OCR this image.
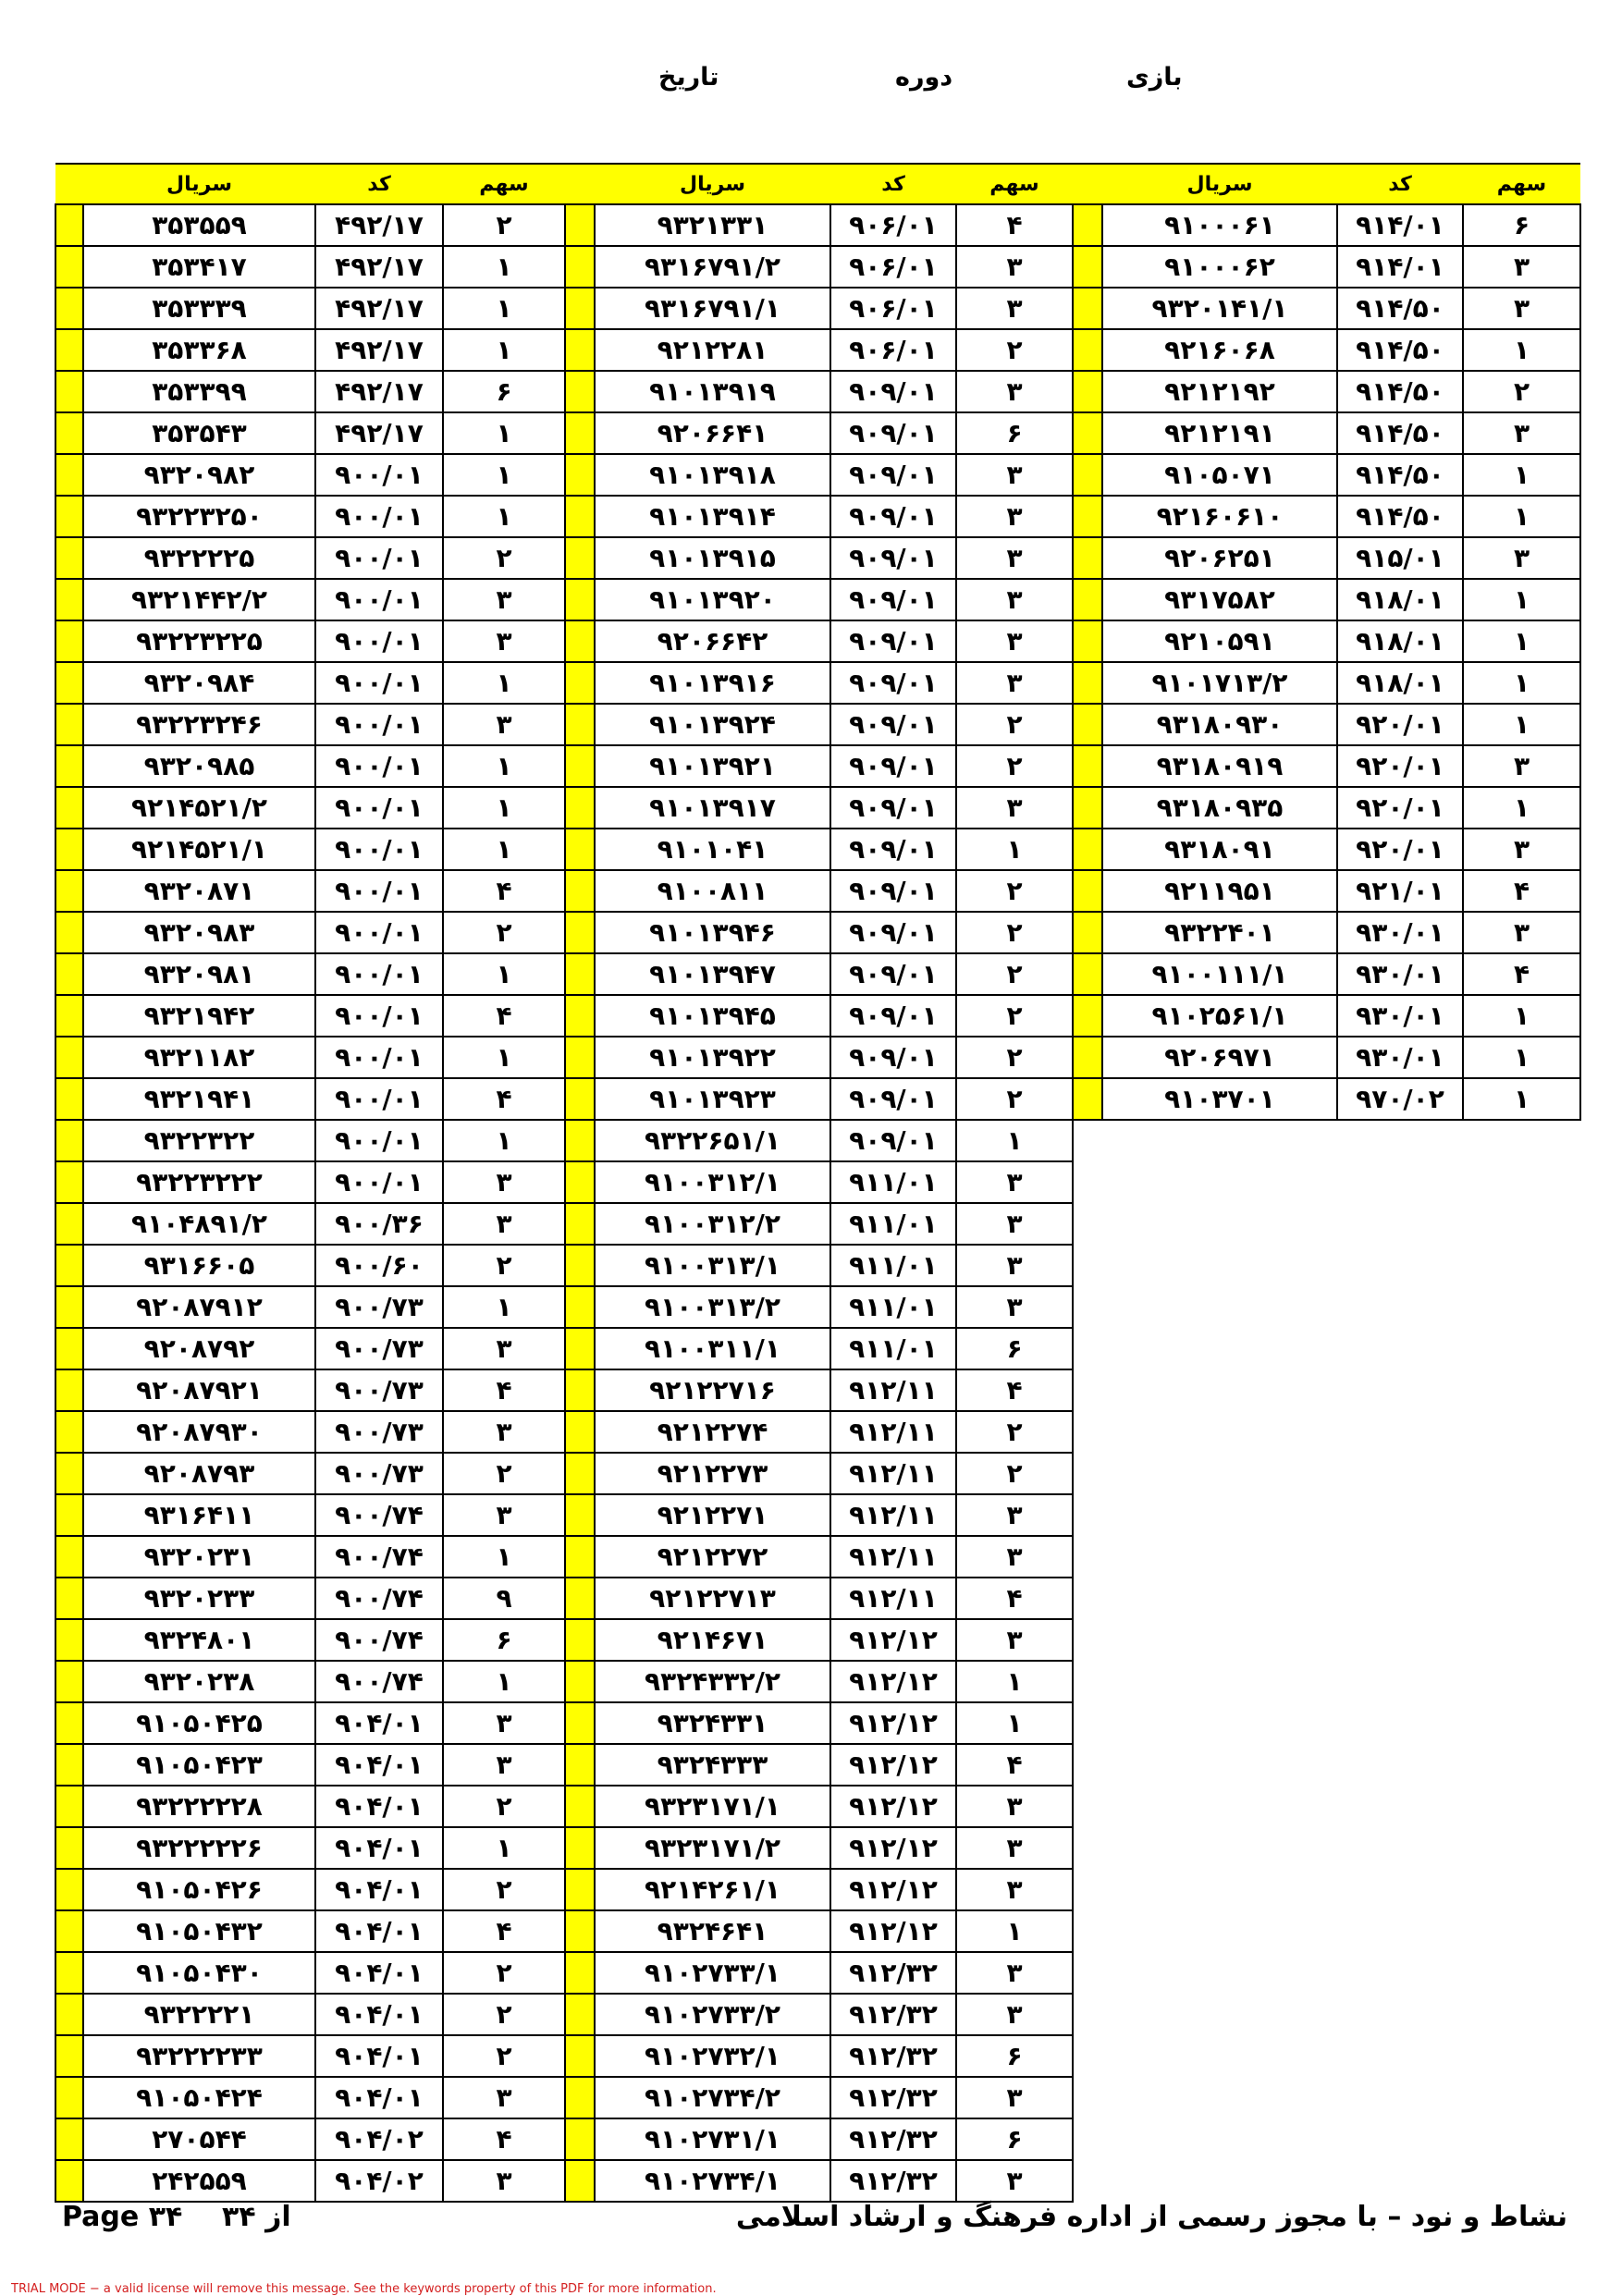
بازی
دوره
تاریخ
سهم	کد	سریال	
۶	۹۱۴/۰۱	۹۱۰۰۰۶۱	
۳	۹۱۴/۰۱	۹۱۰۰۰۶۲	
۳	۹۱۴/۵۰	۹۳۲۰۱۴۱/۱	
۱	۹۱۴/۵۰	۹۲۱۶۰۶۸	
۲	۹۱۴/۵۰	۹۲۱۲۱۹۲	
۳	۹۱۴/۵۰	۹۲۱۲۱۹۱	
۱	۹۱۴/۵۰	۹۱۰۵۰۷۱	
۱	۹۱۴/۵۰	۹۲۱۶۰۶۱۰	
۳	۹۱۵/۰۱	۹۲۰۶۲۵۱	
۱	۹۱۸/۰۱	۹۳۱۷۵۸۲	
۱	۹۱۸/۰۱	۹۲۱۰۵۹۱	
۱	۹۱۸/۰۱	۹۱۰۱۷۱۳/۲	
۱	۹۲۰/۰۱	۹۳۱۸۰۹۳۰	
۳	۹۲۰/۰۱	۹۳۱۸۰۹۱۹	
۱	۹۲۰/۰۱	۹۳۱۸۰۹۳۵	
۳	۹۲۰/۰۱	۹۳۱۸۰۹۱	
۴	۹۲۱/۰۱	۹۲۱۱۹۵۱	
۳	۹۳۰/۰۱	۹۳۲۲۴۰۱	
۴	۹۳۰/۰۱	۹۱۰۰۱۱۱/۱	
۱	۹۳۰/۰۱	۹۱۰۲۵۶۱/۱	
۱	۹۳۰/۰۱	۹۲۰۶۹۷۱	
۱	۹۷۰/۰۲	۹۱۰۳۷۰۱	
سهم	کد	سریال	
۴	۹۰۶/۰۱	۹۳۲۱۳۳۱	
۳	۹۰۶/۰۱	۹۳۱۶۷۹۱/۲	
۳	۹۰۶/۰۱	۹۳۱۶۷۹۱/۱	
۲	۹۰۶/۰۱	۹۲۱۲۲۸۱	
۳	۹۰۹/۰۱	۹۱۰۱۳۹۱۹	
۶	۹۰۹/۰۱	۹۲۰۶۶۴۱	
۳	۹۰۹/۰۱	۹۱۰۱۳۹۱۸	
۳	۹۰۹/۰۱	۹۱۰۱۳۹۱۴	
۳	۹۰۹/۰۱	۹۱۰۱۳۹۱۵	
۳	۹۰۹/۰۱	۹۱۰۱۳۹۲۰	
۳	۹۰۹/۰۱	۹۲۰۶۶۴۲	
۳	۹۰۹/۰۱	۹۱۰۱۳۹۱۶	
۲	۹۰۹/۰۱	۹۱۰۱۳۹۲۴	
۲	۹۰۹/۰۱	۹۱۰۱۳۹۲۱	
۳	۹۰۹/۰۱	۹۱۰۱۳۹۱۷	
۱	۹۰۹/۰۱	۹۱۰۱۰۴۱	
۲	۹۰۹/۰۱	۹۱۰۰۸۱۱	
۲	۹۰۹/۰۱	۹۱۰۱۳۹۴۶	
۲	۹۰۹/۰۱	۹۱۰۱۳۹۴۷	
۲	۹۰۹/۰۱	۹۱۰۱۳۹۴۵	
۲	۹۰۹/۰۱	۹۱۰۱۳۹۲۲	
۲	۹۰۹/۰۱	۹۱۰۱۳۹۲۳	
۱	۹۰۹/۰۱	۹۳۲۲۶۵۱/۱	
۳	۹۱۱/۰۱	۹۱۰۰۳۱۲/۱	
۳	۹۱۱/۰۱	۹۱۰۰۳۱۲/۲	
۳	۹۱۱/۰۱	۹۱۰۰۳۱۳/۱	
۳	۹۱۱/۰۱	۹۱۰۰۳۱۳/۲	
۶	۹۱۱/۰۱	۹۱۰۰۳۱۱/۱	
۴	۹۱۲/۱۱	۹۲۱۲۲۷۱۶	
۲	۹۱۲/۱۱	۹۲۱۲۲۷۴	
۲	۹۱۲/۱۱	۹۲۱۲۲۷۳	
۳	۹۱۲/۱۱	۹۲۱۲۲۷۱	
۳	۹۱۲/۱۱	۹۲۱۲۲۷۲	
۴	۹۱۲/۱۱	۹۲۱۲۲۷۱۳	
۳	۹۱۲/۱۲	۹۲۱۴۶۷۱	
۱	۹۱۲/۱۲	۹۳۲۴۳۳۲/۲	
۱	۹۱۲/۱۲	۹۳۲۴۳۳۱	
۴	۹۱۲/۱۲	۹۳۲۴۳۳۳	
۳	۹۱۲/۱۲	۹۳۲۳۱۷۱/۱	
۳	۹۱۲/۱۲	۹۳۲۳۱۷۱/۲	
۳	۹۱۲/۱۲	۹۲۱۴۲۶۱/۱	
۱	۹۱۲/۱۲	۹۳۲۴۶۴۱	
۳	۹۱۲/۳۲	۹۱۰۲۷۳۳/۱	
۳	۹۱۲/۳۲	۹۱۰۲۷۳۳/۲	
۶	۹۱۲/۳۲	۹۱۰۲۷۳۲/۱	
۳	۹۱۲/۳۲	۹۱۰۲۷۳۴/۲	
۶	۹۱۲/۳۲	۹۱۰۲۷۳۱/۱	
۳	۹۱۲/۳۲	۹۱۰۲۷۳۴/۱	
سهم	کد	سریال	
۲	۴۹۲/۱۷	۳۵۳۵۵۹	
۱	۴۹۲/۱۷	۳۵۳۴۱۷	
۱	۴۹۲/۱۷	۳۵۳۳۳۹	
۱	۴۹۲/۱۷	۳۵۳۳۶۸	
۶	۴۹۲/۱۷	۳۵۳۳۹۹	
۱	۴۹۲/۱۷	۳۵۳۵۴۳	
۱	۹۰۰/۰۱	۹۳۲۰۹۸۲	
۱	۹۰۰/۰۱	۹۳۲۲۳۲۵۰	
۲	۹۰۰/۰۱	۹۳۲۲۲۲۵	
۳	۹۰۰/۰۱	۹۳۲۱۴۴۲/۲	
۳	۹۰۰/۰۱	۹۳۲۲۳۲۲۵	
۱	۹۰۰/۰۱	۹۳۲۰۹۸۴	
۳	۹۰۰/۰۱	۹۳۲۲۳۲۴۶	
۱	۹۰۰/۰۱	۹۳۲۰۹۸۵	
۱	۹۰۰/۰۱	۹۲۱۴۵۲۱/۲	
۱	۹۰۰/۰۱	۹۲۱۴۵۲۱/۱	
۴	۹۰۰/۰۱	۹۳۲۰۸۷۱	
۲	۹۰۰/۰۱	۹۳۲۰۹۸۳	
۱	۹۰۰/۰۱	۹۳۲۰۹۸۱	
۴	۹۰۰/۰۱	۹۳۲۱۹۴۲	
۱	۹۰۰/۰۱	۹۳۲۱۱۸۲	
۴	۹۰۰/۰۱	۹۳۲۱۹۴۱	
۱	۹۰۰/۰۱	۹۳۲۲۳۲۲	
۳	۹۰۰/۰۱	۹۳۲۲۳۲۲۲	
۳	۹۰۰/۳۶	۹۱۰۴۸۹۱/۲	
۲	۹۰۰/۶۰	۹۳۱۶۶۰۵	
۱	۹۰۰/۷۳	۹۲۰۸۷۹۱۲	
۳	۹۰۰/۷۳	۹۲۰۸۷۹۲	
۴	۹۰۰/۷۳	۹۲۰۸۷۹۲۱	
۳	۹۰۰/۷۳	۹۲۰۸۷۹۳۰	
۲	۹۰۰/۷۳	۹۲۰۸۷۹۳	
۳	۹۰۰/۷۴	۹۳۱۶۴۱۱	
۱	۹۰۰/۷۴	۹۳۲۰۲۳۱	
۹	۹۰۰/۷۴	۹۳۲۰۲۳۳	
۶	۹۰۰/۷۴	۹۳۲۴۸۰۱	
۱	۹۰۰/۷۴	۹۳۲۰۲۳۸	
۳	۹۰۴/۰۱	۹۱۰۵۰۴۲۵	
۳	۹۰۴/۰۱	۹۱۰۵۰۴۲۳	
۲	۹۰۴/۰۱	۹۳۲۲۲۲۲۸	
۱	۹۰۴/۰۱	۹۳۲۲۲۲۲۶	
۲	۹۰۴/۰۱	۹۱۰۵۰۴۲۶	
۴	۹۰۴/۰۱	۹۱۰۵۰۴۳۲	
۲	۹۰۴/۰۱	۹۱۰۵۰۴۳۰	
۲	۹۰۴/۰۱	۹۳۲۲۲۲۱	
۲	۹۰۴/۰۱	۹۳۲۲۲۲۳۳	
۳	۹۰۴/۰۱	۹۱۰۵۰۴۲۴	
۴	۹۰۴/۰۲	۲۷۰۵۴۴	
۳	۹۰۴/۰۲	۲۴۲۵۵۹	
نشاط و نود – با مجوز رسمی از اداره فرهنگ و ارشاد اسلامی
از ۳۴
Page ۳۴
TRIAL MODE − a valid license will remove this message. See the keywords property of this PDF for more information.
